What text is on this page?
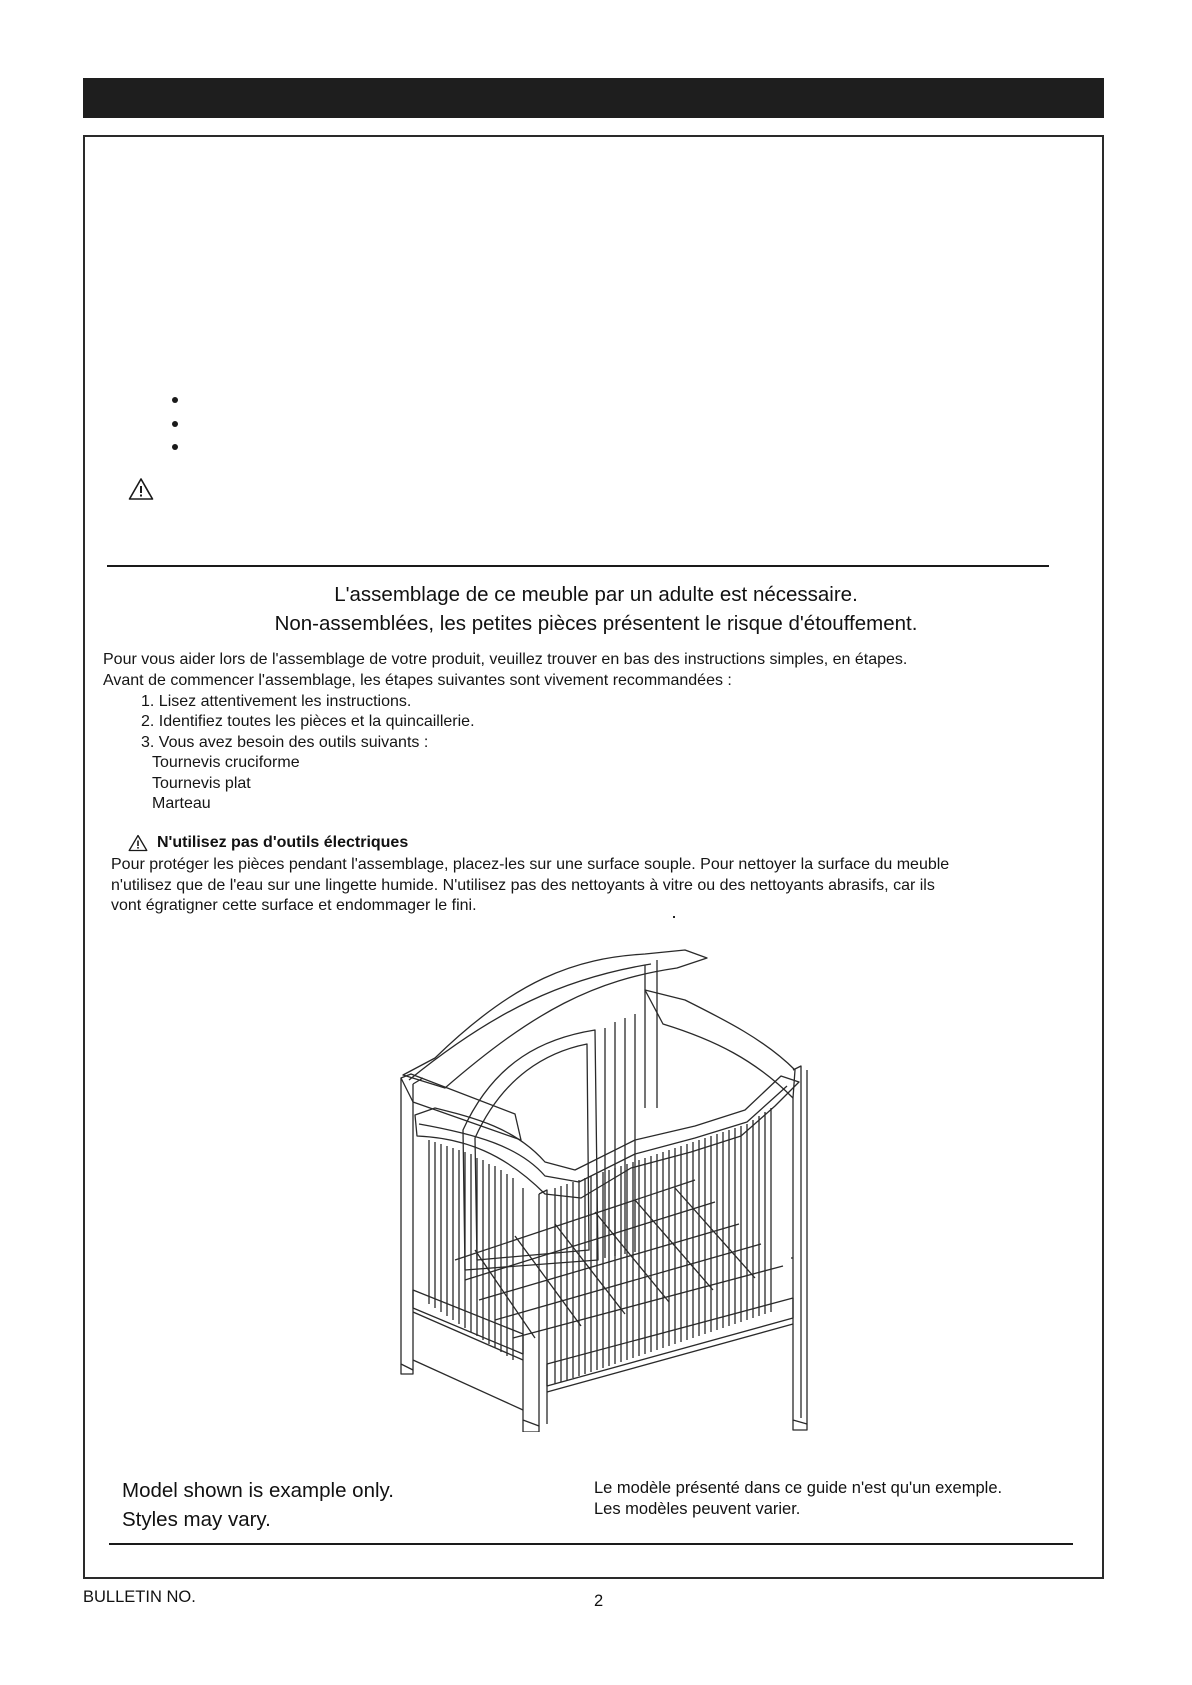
L'assemblage de ce meuble par un adulte est nécessaire.
Non-assemblées, les petites pièces présentent le risque d'étouffement.
Pour vous aider lors de l'assemblage de votre produit, veuillez trouver en bas des instructions simples, en étapes.
Avant de commencer l'assemblage, les étapes suivantes sont vivement recommandées :
1. Lisez attentivement les instructions.
2. Identifiez toutes les pièces et la quincaillerie.
3. Vous avez besoin des outils suivants :
Tournevis cruciforme
Tournevis plat
Marteau
N'utilisez pas d'outils électriques
Pour protéger les pièces pendant l'assemblage, placez-les sur une surface souple. Pour nettoyer la surface du meuble
n'utilisez que de l'eau sur une lingette humide. N'utilisez pas des nettoyants à vitre ou des nettoyants abrasifs, car ils
vont égratigner cette surface et endommager le fini.
Model shown is example only.
Styles may vary.
Le modèle présenté dans ce guide n'est qu'un exemple.
Les modèles peuvent varier.
BULLETIN NO.	2
